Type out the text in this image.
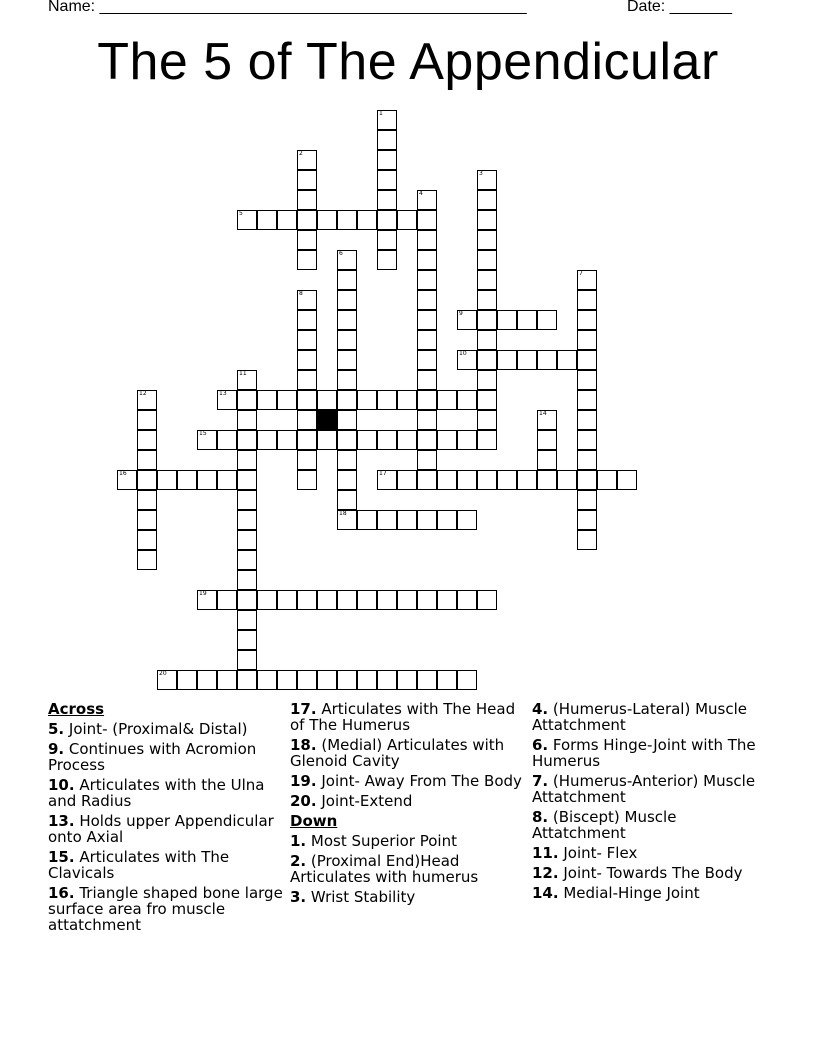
Name: ________________________________________________	Date: _______
The 5 of The Appendicular
1
2
3
4
5
6
18
7
8
9
10
11
12	13
14
15
16	17
19
20
Across
5. Joint- (Proximal& Distal)
9. Continues with Acromion Process
10. Articulates with the Ulna and Radius
13. Holds upper Appendicular onto Axial
15. Articulates with The Clavicals
16. Triangle shaped bone large surface area fro muscle attatchment
17. Articulates with The Head of The Humerus
18. (Medial) Articulates with Glenoid Cavity
19. Joint- Away From The Body
20. Joint-Extend
Down
1. Most Superior Point
2. (Proximal End)Head Articulates with humerus
3. Wrist Stability
4. (Humerus-Lateral) Muscle Attatchment
6. Forms Hinge-Joint with The Humerus
7. (Humerus-Anterior) Muscle Attatchment
8. (Biscept) Muscle Attatchment
11. Joint- Flex
12. Joint- Towards The Body
14. Medial-Hinge Joint
